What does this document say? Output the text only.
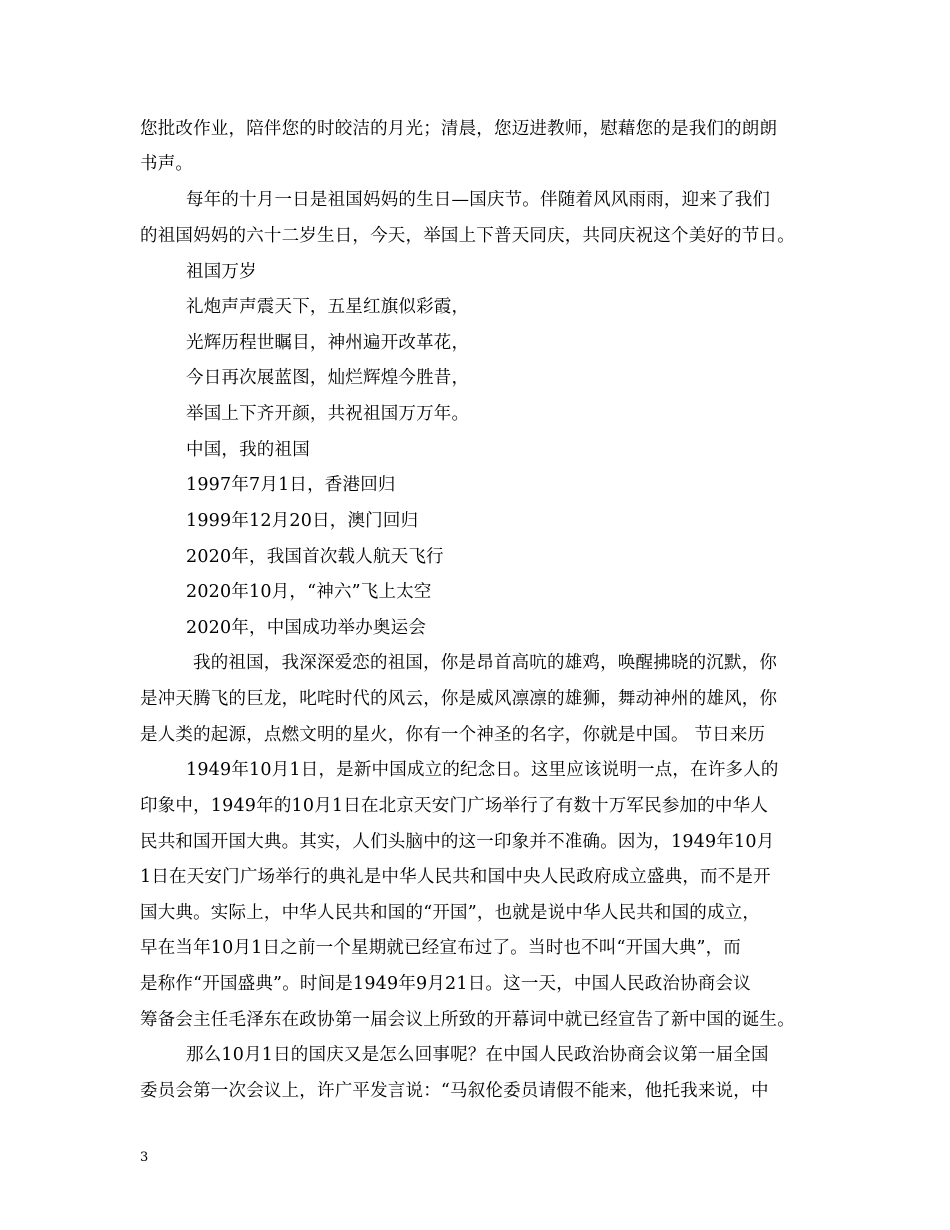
您批改作业，陪伴您的时皎洁的月光；清晨，您迈进教师，慰藉您的是我们的朗朗
书声。
每年的十月一日是祖国妈妈的生日—国庆节。伴随着风风雨雨，迎来了我们
的祖国妈妈的六十二岁生日，今天，举国上下普天同庆，共同庆祝这个美好的节日。
祖国万岁
礼炮声声震天下，五星红旗似彩霞，
光辉历程世瞩目，神州遍开改革花，
今日再次展蓝图，灿烂辉煌今胜昔，
举国上下齐开颜，共祝祖国万万年。
中国，我的祖国
1997年7月1日，香港回归
1999年12月20日，澳门回归
2020年，我国首次载人航天飞行
2020年10月，“神六”飞上太空
2020年，中国成功举办奥运会
我的祖国，我深深爱恋的祖国，你是昂首高吭的雄鸡，唤醒拂晓的沉默，你
是冲天腾飞的巨龙，叱咤时代的风云，你是威风凛凛的雄狮，舞动神州的雄风，你
是人类的起源，点燃文明的星火，你有一个神圣的名字，你就是中国。 节日来历
1949年10月1日，是新中国成立的纪念日。这里应该说明一点，在许多人的
印象中，1949年的10月1日在北京天安门广场举行了有数十万军民参加的中华人
民共和国开国大典。其实，人们头脑中的这一印象并不准确。因为，1949年10月
1日在天安门广场举行的典礼是中华人民共和国中央人民政府成立盛典，而不是开
国大典。实际上，中华人民共和国的“开国”，也就是说中华人民共和国的成立，
早在当年10月1日之前一个星期就已经宣布过了。当时也不叫“开国大典”，而
是称作“开国盛典”。时间是1949年9月21日。这一天，中国人民政治协商会议
筹备会主任毛泽东在政协第一届会议上所致的开幕词中就已经宣告了新中国的诞生。
那么10月1日的国庆又是怎么回事呢？在中国人民政治协商会议第一届全国
委员会第一次会议上，许广平发言说：“马叙伦委员请假不能来，他托我来说，中
3
